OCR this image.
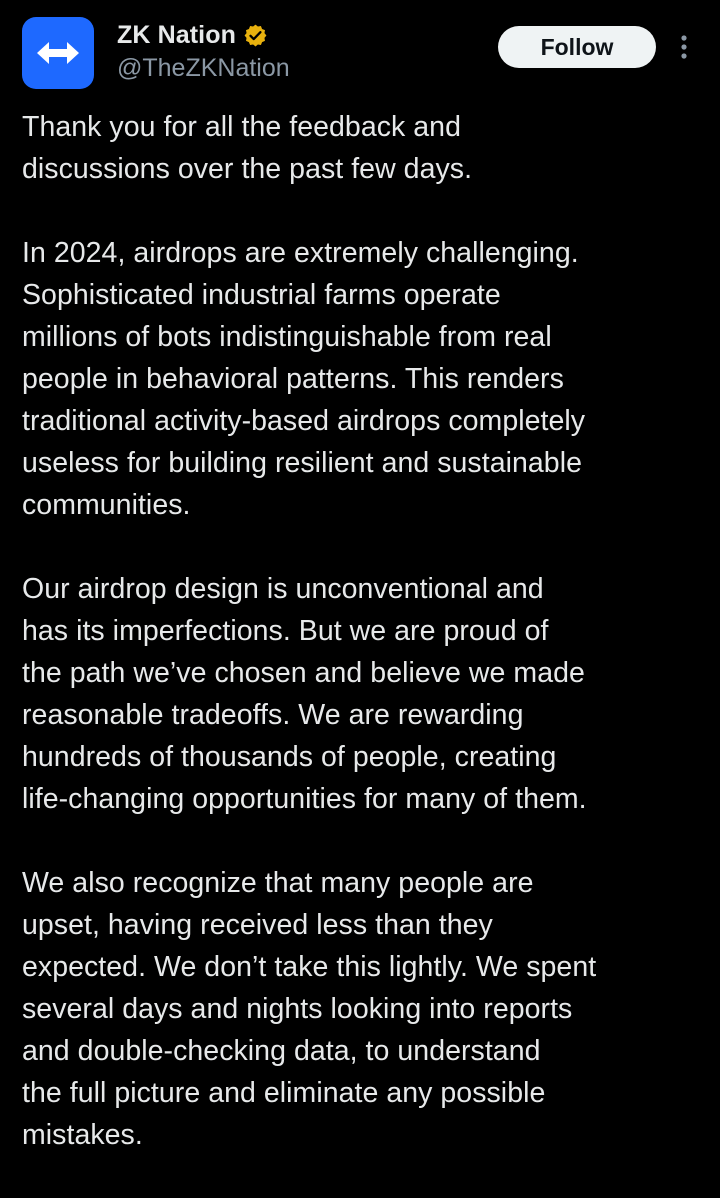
ZK Nation
@TheZKNation
Follow

Thank you for all the feedback and
discussions over the past few days.

In 2024, airdrops are extremely challenging.
Sophisticated industrial farms operate
millions of bots indistinguishable from real
people in behavioral patterns. This renders
traditional activity-based airdrops completely
useless for building resilient and sustainable
communities.

Our airdrop design is unconventional and
has its imperfections. But we are proud of
the path we’ve chosen and believe we made
reasonable tradeoffs. We are rewarding
hundreds of thousands of people, creating
life-changing opportunities for many of them.

We also recognize that many people are
upset, having received less than they
expected. We don’t take this lightly. We spent
several days and nights looking into reports
and double-checking data, to understand
the full picture and eliminate any possible
mistakes.
